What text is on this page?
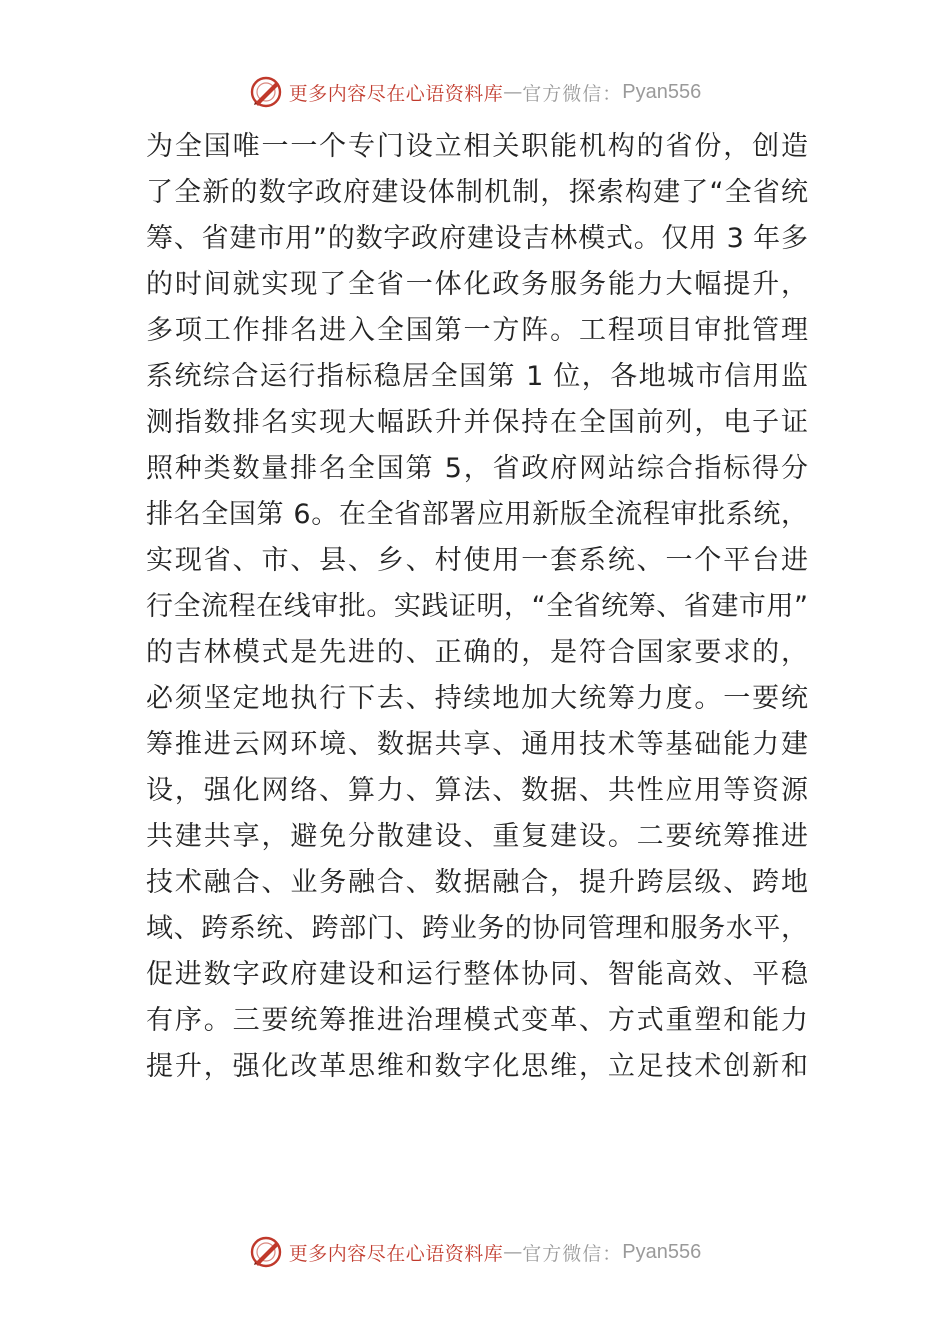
更多内容尽在心语资料库 — 官方微信： Pyan556
为全国唯一一个专门设立相关职能机构的省份，创造
了全新的数字政府建设体制机制，探索构建了“全省统
筹、省建市用”的数字政府建设吉林模式。仅用 3 年多
的时间就实现了全省一体化政务服务能力大幅提升，
多项工作排名进入全国第一方阵。工程项目审批管理
系统综合运行指标稳居全国第 1 位，各地城市信用监
测指数排名实现大幅跃升并保持在全国前列，电子证
照种类数量排名全国第 5，省政府网站综合指标得分
排名全国第 6。在全省部署应用新版全流程审批系统，
实现省、市、县、乡、村使用一套系统、一个平台进
行全流程在线审批。实践证明，“全省统筹、省建市用”
的吉林模式是先进的、正确的，是符合国家要求的，
必须坚定地执行下去、持续地加大统筹力度。一要统
筹推进云网环境、数据共享、通用技术等基础能力建
设，强化网络、算力、算法、数据、共性应用等资源
共建共享，避免分散建设、重复建设。二要统筹推进
技术融合、业务融合、数据融合，提升跨层级、跨地
域、跨系统、跨部门、跨业务的协同管理和服务水平，
促进数字政府建设和运行整体协同、智能高效、平稳
有序。三要统筹推进治理模式变革、方式重塑和能力
提升，强化改革思维和数字化思维，立足技术创新和
更多内容尽在心语资料库 — 官方微信： Pyan556
